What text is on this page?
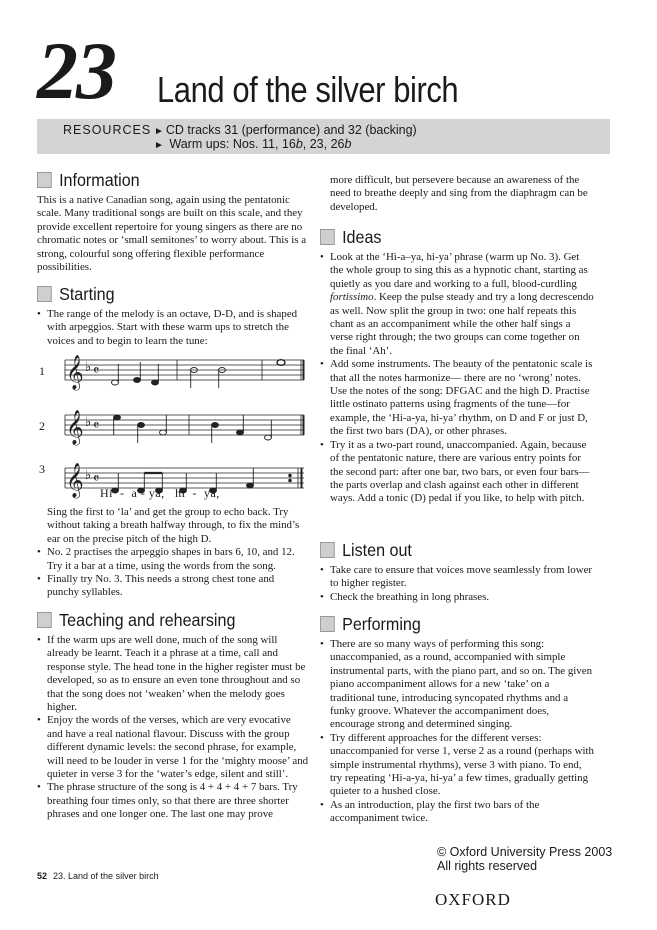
23 Land of the silver birch
RESOURCES ► CD tracks 31 (performance) and 32 (backing)
► Warm ups: Nos. 11, 16b, 23, 26b
Information

This is a native Canadian song, again using the pentatonic scale. Many traditional songs are built on this scale, and they provide excellent repertoire for young singers as there are no chromatic notes or ‘small semitones’ to worry about. This is a strong, colourful song offering flexible performance possibilities.

Starting
• The range of the melody is an octave, D-D, and is shaped with arpeggios. Start with these warm ups to stretch the voices and to begin to learn the tune:
𝄞 ♭ 𝄴
𝄞 ♭ 𝄴
𝄞 ♭ 𝄴
1
2
3
Hi  -  a - ya,   hi  -  ya,

Sing the first to ‘la’ and get the group to echo back. Try without taking a breath halfway through, to fix the mind’s ear on the precise pitch of the high D.

• No. 2 practises the arpeggio shapes in bars 6, 10, and 12. Try it a bar at a time, using the words from the song.
• Finally try No. 3. This needs a strong chest tone and punchy syllables.
Teaching and rehearsing
• If the warm ups are well done, much of the song will already be learnt. Teach it a phrase at a time, call and response style. The head tone in the higher register must be developed, so as to ensure an even tone throughout and so that the song does not ‘weaken’ when the melody goes higher.
• Enjoy the words of the verses, which are very evocative and have a real national flavour. Discuss with the group different dynamic levels: the second phrase, for example, will need to be louder in verse 1 for the ‘mighty moose’ and quieter in verse 3 for the ‘water’s edge, silent and still’.
• The phrase structure of the song is 4 + 4 + 4 + 7 bars. Try breathing four times only, so that there are three shorter phrases and one longer one. The last one may prove

more difficult, but persevere because an awareness of the need to breathe deeply and sing from the diaphragm can be developed.

Ideas
• Look at the ‘Hi-a–ya, hi-ya’ phrase (warm up No. 3). Get the whole group to sing this as a hypnotic chant, starting as quietly as you dare and working to a full, blood-curdling fortissimo. Keep the pulse steady and try a long decrescendo as well. Now split the group in two: one half repeats this chant as an accompaniment while the other half sings a verse right through; the two groups can come together on the final ‘Ah’.
• Add some instruments. The beauty of the pentatonic scale is that all the notes harmonize— there are no ‘wrong’ notes. Use the notes of the song: DFGAC and the high D. Practise little ostinato patterns using fragments of the tune—for example, the ‘Hi-a-ya, hi-ya’ rhythm, on D and F or just D, the first two bars (DA), or other phrases.
• Try it as a two-part round, unaccompanied. Again, because of the pentatonic nature, there are various entry points for the second part: after one bar, two bars, or even four bars—the parts overlap and clash against each other in different ways. Add a tonic (D) pedal if you like, to help with pitch.
Listen out
• Take care to ensure that voices move seamlessly from lower to higher register.
• Check the breathing in long phrases.
Performing
• There are so many ways of performing this song: unaccompanied, as a round, accompanied with simple instrumental parts, with the piano part, and so on. The given piano accompaniment allows for a new ‘take’ on a traditional tune, introducing syncopated rhythms and a funky groove. Whatever the accompaniment does, encourage strong and determined singing.
• Try different approaches for the different verses: unaccompanied for verse 1, verse 2 as a round (perhaps with simple instrumental rhythms), verse 3 with piano. To end, try repeating ‘Hi-a-ya, hi-ya’ a few times, gradually getting quieter to a hushed close.
• As an introduction, play the first two bars of the accompaniment twice.
© Oxford University Press 2003
All rights reserved
52 23. Land of the silver birch
OXFORD
